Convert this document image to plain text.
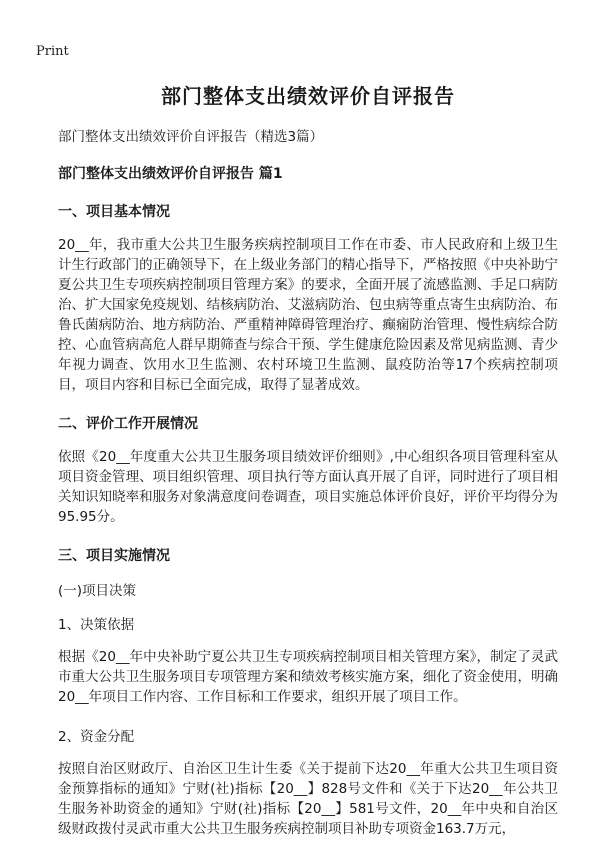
Print
部门整体支出绩效评价自评报告
部门整体支出绩效评价自评报告（精选3篇）
部门整体支出绩效评价自评报告 篇1
一、项目基本情况
20__年，我市重大公共卫生服务疾病控制项目工作在市委、市人民政府和上级卫生计生行政部门的正确领导下，在上级业务部门的精心指导下，严格按照《中央补助宁夏公共卫生专项疾病控制项目管理方案》的要求，全面开展了流感监测、手足口病防治、扩大国家免疫规划、结核病防治、艾滋病防治、包虫病等重点寄生虫病防治、布鲁氏菌病防治、地方病防治、严重精神障碍管理治疗、癫痫防治管理、慢性病综合防控、心血管病高危人群早期筛查与综合干预、学生健康危险因素及常见病监测、青少年视力调查、饮用水卫生监测、农村环境卫生监测、鼠疫防治等17个疾病控制项目，项目内容和目标已全面完成，取得了显著成效。
二、评价工作开展情况
依照《20__年度重大公共卫生服务项目绩效评价细则》,中心组织各项目管理科室从项目资金管理、项目组织管理、项目执行等方面认真开展了自评，同时进行了项目相关知识知晓率和服务对象满意度问卷调查，项目实施总体评价良好，评价平均得分为95.95分。
三、项目实施情况
(一)项目决策
1、决策依据
根据《20__年中央补助宁夏公共卫生专项疾病控制项目相关管理方案》，制定了灵武市重大公共卫生服务项目专项管理方案和绩效考核实施方案，细化了资金使用，明确20__年项目工作内容、工作目标和工作要求，组织开展了项目工作。
2、资金分配
按照自治区财政厅、自治区卫生计生委《关于提前下达20__年重大公共卫生项目资金预算指标的通知》宁财(社)指标【20__】828号文件和《关于下达20__年公共卫生服务补助资金的通知》宁财(社)指标【20__】581号文件，20__年中央和自治区级财政拨付灵武市重大公共卫生服务疾病控制项目补助专项资金163.7万元，
